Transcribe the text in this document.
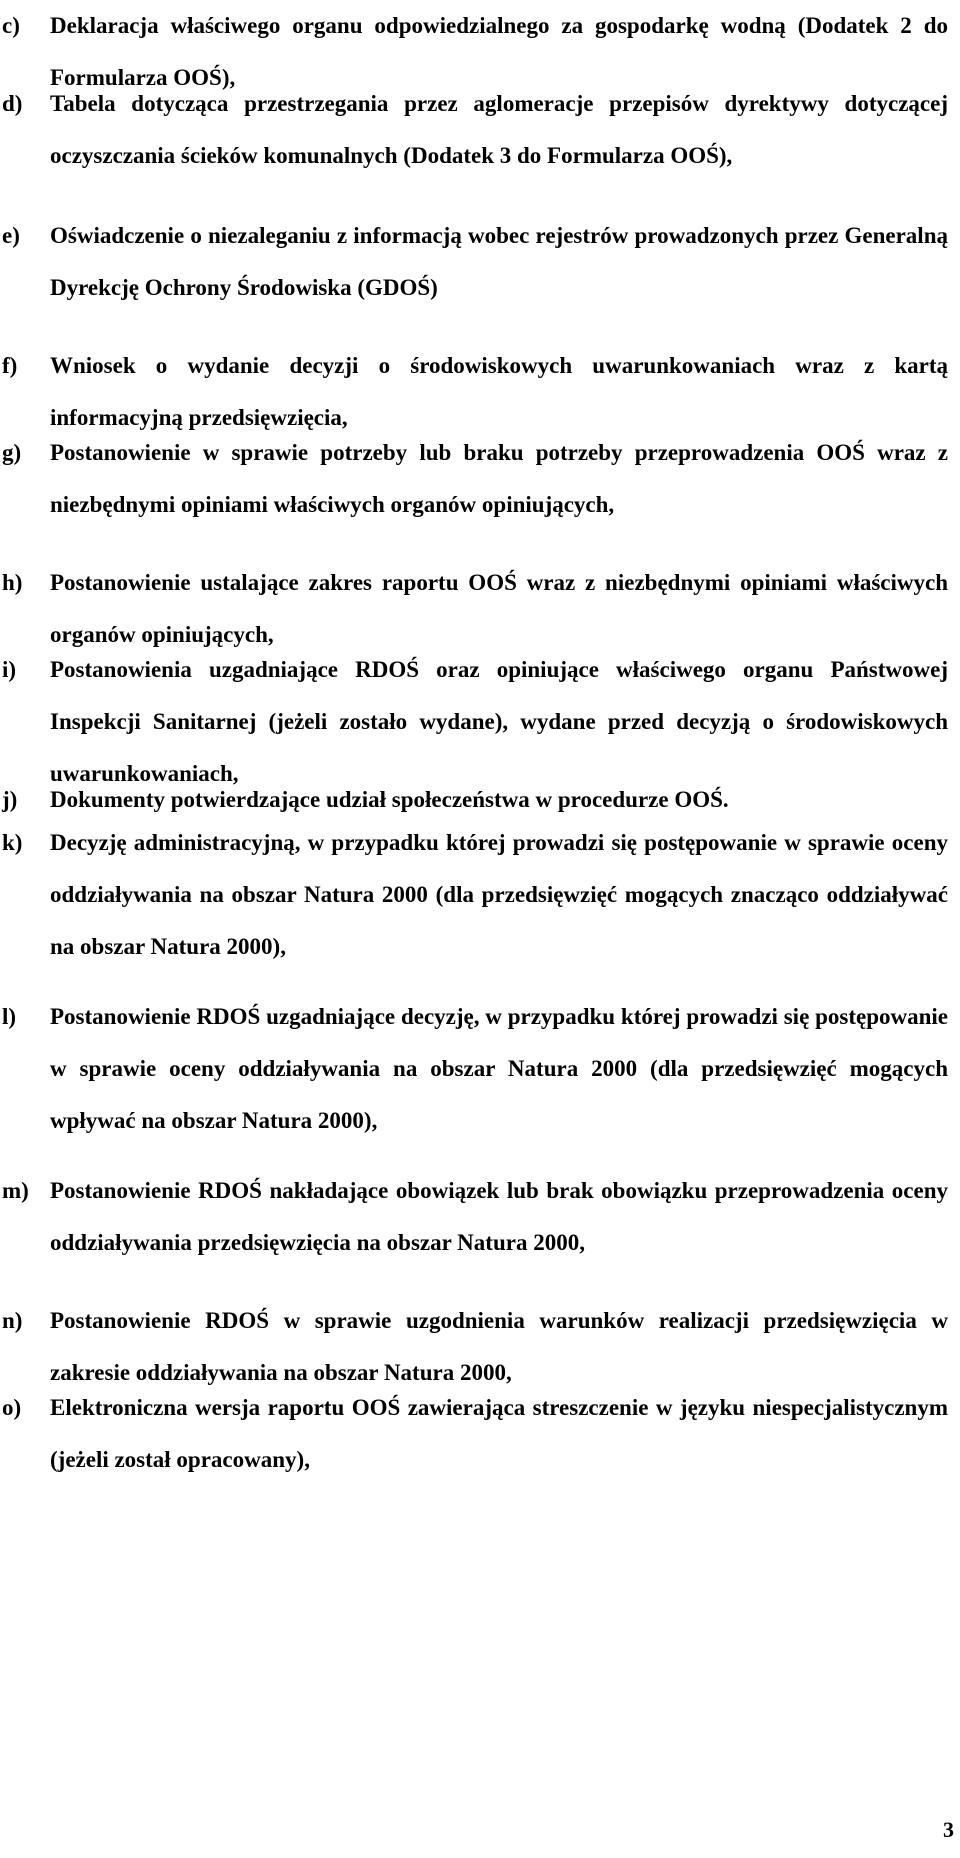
c) Deklaracja właściwego organu odpowiedzialnego za gospodarkę wodną (Dodatek 2 do Formularza OOŚ),
d) Tabela dotycząca przestrzegania przez aglomeracje przepisów dyrektywy dotyczącej oczyszczania ścieków komunalnych (Dodatek 3 do Formularza OOŚ),
e) Oświadczenie o niezaleganiu z informacją wobec rejestrów prowadzonych przez Generalną Dyrekcję Ochrony Środowiska (GDOŚ)
f) Wniosek o wydanie decyzji o środowiskowych uwarunkowaniach wraz z kartą informacyjną przedsięwzięcia,
g) Postanowienie w sprawie potrzeby lub braku potrzeby przeprowadzenia OOŚ wraz z niezbędnymi opiniami właściwych organów opiniujących,
h) Postanowienie ustalające zakres raportu OOŚ wraz z niezbędnymi opiniami właściwych organów opiniujących,
i) Postanowienia uzgadniające RDOŚ oraz opiniujące właściwego organu Państwowej Inspekcji Sanitarnej (jeżeli zostało wydane), wydane przed decyzją o środowiskowych uwarunkowaniach,
j) Dokumenty potwierdzające udział społeczeństwa w procedurze OOŚ.
k) Decyzję administracyjną, w przypadku której prowadzi się postępowanie w sprawie oceny oddziaływania na obszar Natura 2000 (dla przedsięwzięć mogących znacząco oddziaływać na obszar Natura 2000),
l) Postanowienie RDOŚ uzgadniające decyzję, w przypadku której prowadzi się postępowanie w sprawie oceny oddziaływania na obszar Natura 2000 (dla przedsięwzięć mogących wpływać na obszar Natura 2000),
m) Postanowienie RDOŚ nakładające obowiązek lub brak obowiązku przeprowadzenia oceny oddziaływania przedsięwzięcia na obszar Natura 2000,
n) Postanowienie RDOŚ w sprawie uzgodnienia warunków realizacji przedsięwzięcia w zakresie oddziaływania na obszar Natura 2000,
o) Elektroniczna wersja raportu OOŚ zawierająca streszczenie w języku niespecjalistycznym (jeżeli został opracowany),
3
